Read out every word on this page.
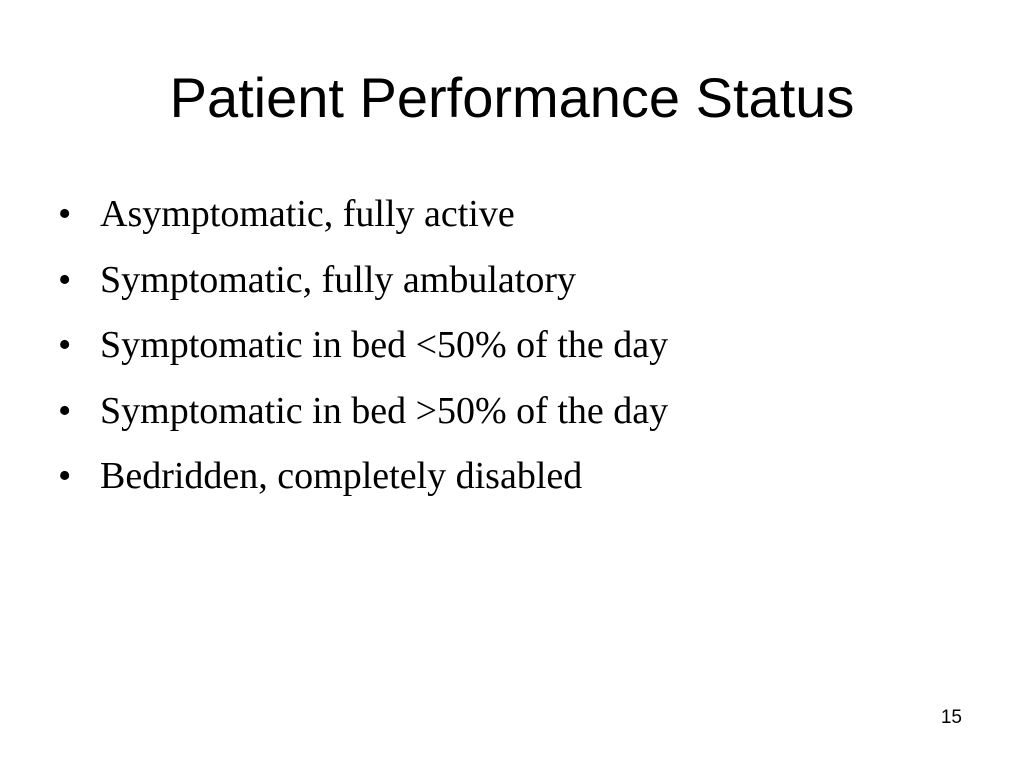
Patient Performance Status
• Asymptomatic, fully active
• Symptomatic, fully ambulatory
• Symptomatic in bed <50% of the day
• Symptomatic in bed >50% of the day
• Bedridden, completely disabled
15
